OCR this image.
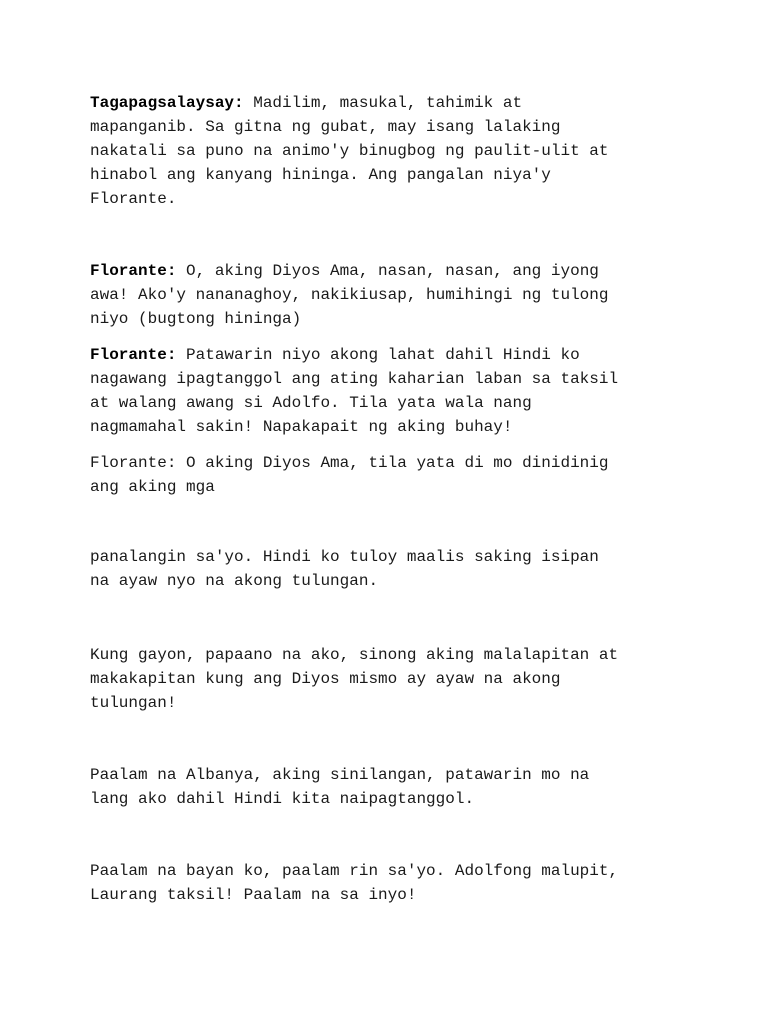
Tagapagsalaysay: Madilim, masukal, tahimik at
mapanganib. Sa gitna ng gubat, may isang lalaking
nakatali sa puno na animo'y binugbog ng paulit-ulit at
hinabol ang kanyang hininga. Ang pangalan niya'y
Florante.

Florante: O, aking Diyos Ama, nasan, nasan, ang iyong
awa! Ako'y nananaghoy, nakikiusap, humihingi ng tulong
niyo (bugtong hininga)

Florante: Patawarin niyo akong lahat dahil Hindi ko
nagawang ipagtanggol ang ating kaharian laban sa taksil
at walang awang si Adolfo. Tila yata wala nang
nagmamahal sakin! Napakapait ng aking buhay!

Florante: O aking Diyos Ama, tila yata di mo dinidinig
ang aking mga

panalangin sa'yo. Hindi ko tuloy maalis saking isipan
na ayaw nyo na akong tulungan.

Kung gayon, papaano na ako, sinong aking malalapitan at
makakapitan kung ang Diyos mismo ay ayaw na akong
tulungan!

Paalam na Albanya, aking sinilangan, patawarin mo na
lang ako dahil Hindi kita naipagtanggol.

Paalam na bayan ko, paalam rin sa'yo. Adolfong malupit,
Laurang taksil! Paalam na sa inyo!
